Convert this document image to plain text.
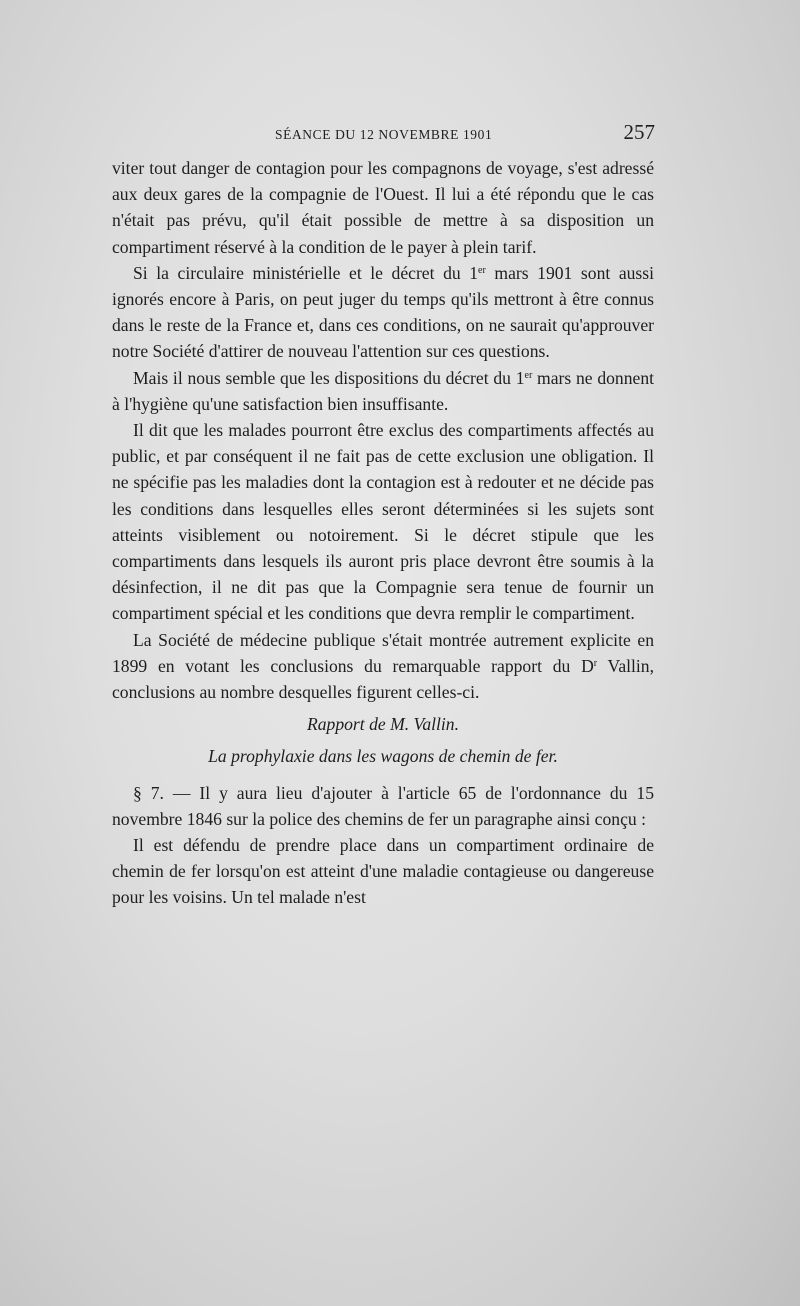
SÉANCE DU 12 NOVEMBRE 1901	257

viter tout danger de contagion pour les compagnons de voyage, s'est adressé aux deux gares de la compagnie de l'Ouest. Il lui a été répondu que le cas n'était pas prévu, qu'il était possible de mettre à sa disposition un compartiment réservé à la condition de le payer à plein tarif.

Si la circulaire ministérielle et le décret du 1er mars 1901 sont aussi ignorés encore à Paris, on peut juger du temps qu'ils mettront à être connus dans le reste de la France et, dans ces conditions, on ne saurait qu'approuver notre Société d'attirer de nouveau l'attention sur ces questions.

Mais il nous semble que les dispositions du décret du 1er mars ne donnent à l'hygiène qu'une satisfaction bien insuffisante.

Il dit que les malades pourront être exclus des compartiments affectés au public, et par conséquent il ne fait pas de cette exclusion une obligation. Il ne spécifie pas les maladies dont la contagion est à redouter et ne décide pas les conditions dans lesquelles elles seront déterminées si les sujets sont atteints visiblement ou notoirement. Si le décret stipule que les compartiments dans lesquels ils auront pris place devront être soumis à la désinfection, il ne dit pas que la Compagnie sera tenue de fournir un compartiment spécial et les conditions que devra remplir le compartiment.

La Société de médecine publique s'était montrée autrement explicite en 1899 en votant les conclusions du remarquable rapport du $D^r$ Vallin, conclusions au nombre desquelles figurent celles-ci.

Rapport de M. Vallin.

La prophylaxie dans les wagons de chemin de fer.

§ 7. — Il y aura lieu d'ajouter à l'article 65 de l'ordonnance du 15 novembre 1846 sur la police des chemins de fer un paragraphe ainsi conçu :

Il est défendu de prendre place dans un compartiment ordinaire de chemin de fer lorsqu'on est atteint d'une maladie contagieuse ou dangereuse pour les voisins. Un tel malade n'est
